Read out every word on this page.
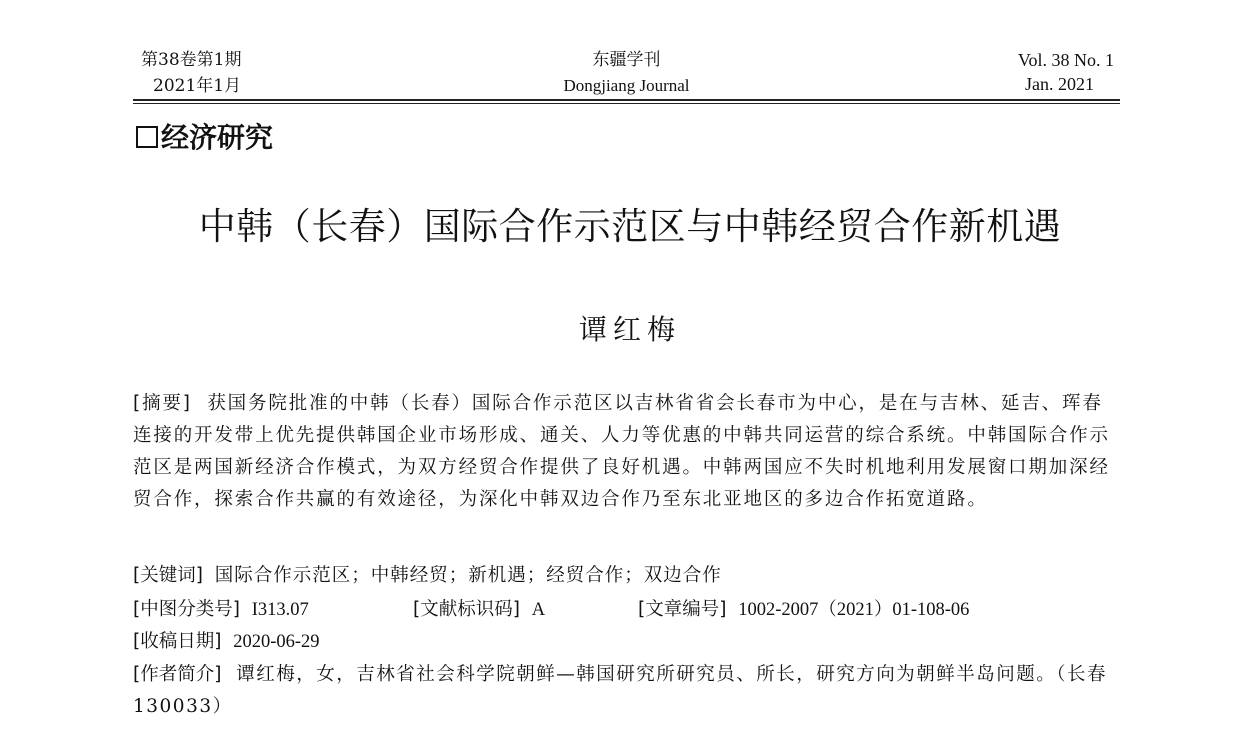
第38卷第1期
2021年1月
东疆学刊
Dongjiang Journal
Vol. 38 No. 1
Jan. 2021
经济研究
中韩（长春）国际合作示范区与中韩经贸合作新机遇
谭红梅
[摘要] 获国务院批准的中韩（长春）国际合作示范区以吉林省省会长春市为中心，是在与吉林、延吉、珲春连接的开发带上优先提供韩国企业市场形成、通关、人力等优惠的中韩共同运营的综合系统。中韩国际合作示范区是两国新经济合作模式，为双方经贸合作提供了良好机遇。中韩两国应不失时机地利用发展窗口期加深经贸合作，探索合作共赢的有效途径，为深化中韩双边合作乃至东北亚地区的多边合作拓宽道路。
[关键词] 国际合作示范区；中韩经贸；新机遇；经贸合作；双边合作
[中图分类号] I313.07	[文献标识码] A	[文章编号] 1002-2007（2021）01-108-06
[收稿日期] 2020-06-29
[作者简介] 谭红梅，女，吉林省社会科学院朝鲜—韩国研究所研究员、所长，研究方向为朝鲜半岛问题。（长春 130033）
